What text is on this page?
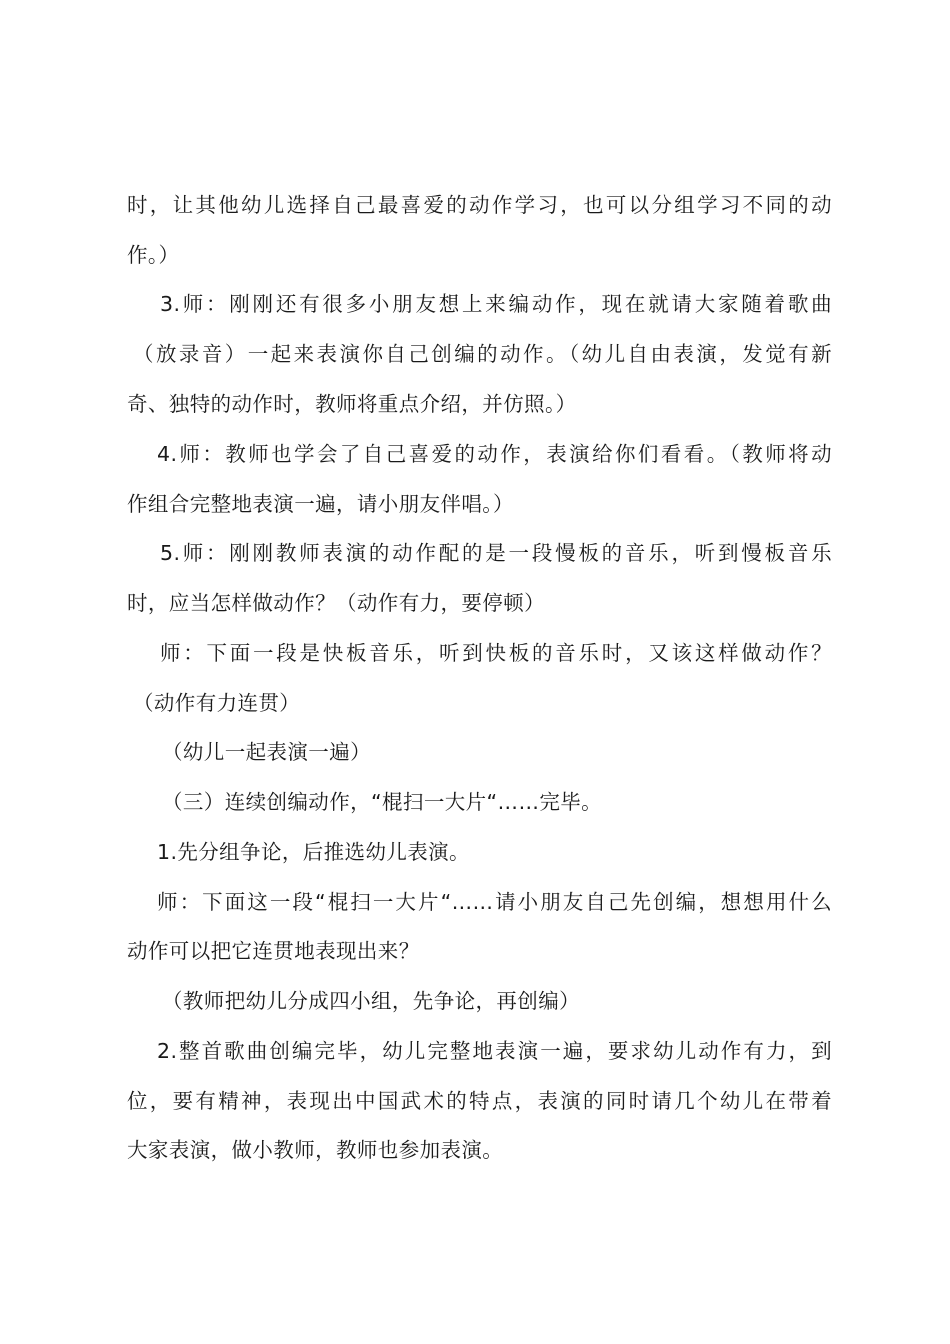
时，让其他幼儿选择自己最喜爱的动作学习，也可以分组学习不同的动
作。）
3.师：刚刚还有很多小朋友想上来编动作，现在就请大家随着歌曲
（放录音）一起来表演你自己创编的动作。（幼儿自由表演，发觉有新
奇、独特的动作时，教师将重点介绍，并仿照。）
4.师：教师也学会了自己喜爱的动作，表演给你们看看。（教师将动
作组合完整地表演一遍，请小朋友伴唱。）
5.师：刚刚教师表演的动作配的是一段慢板的音乐，听到慢板音乐
时，应当怎样做动作？（动作有力，要停顿）
师：下面一段是快板音乐，听到快板的音乐时，又该这样做动作？
（动作有力连贯）
（幼儿一起表演一遍）
（三）连续创编动作，“棍扫一大片“……完毕。
1.先分组争论，后推选幼儿表演。
师：下面这一段“棍扫一大片“……请小朋友自己先创编，想想用什么
动作可以把它连贯地表现出来？
（教师把幼儿分成四小组，先争论，再创编）
2.整首歌曲创编完毕，幼儿完整地表演一遍，要求幼儿动作有力，到
位，要有精神，表现出中国武术的特点，表演的同时请几个幼儿在带着
大家表演，做小教师，教师也参加表演。
